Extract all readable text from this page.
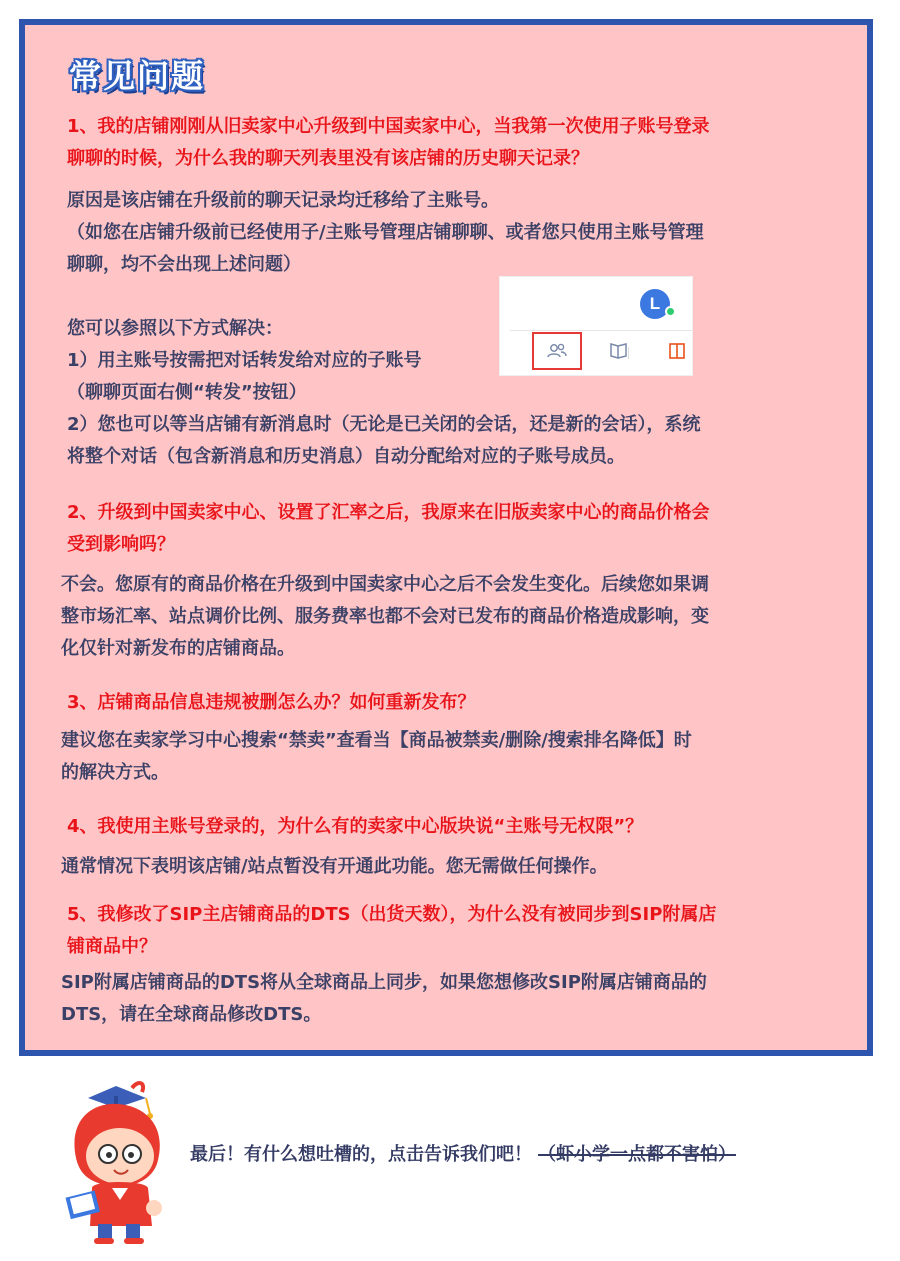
常见问题
1、我的店铺刚刚从旧卖家中心升级到中国卖家中心，当我第一次使用子账号登录
聊聊的时候，为什么我的聊天列表里没有该店铺的历史聊天记录？
原因是该店铺在升级前的聊天记录均迁移给了主账号。
（如您在店铺升级前已经使用子/主账号管理店铺聊聊、或者您只使用主账号管理
聊聊，均不会出现上述问题）
您可以参照以下方式解决：
1）用主账号按需把对话转发给对应的子账号
（聊聊页面右侧“转发”按钮）
2）您也可以等当店铺有新消息时（无论是已关闭的会话，还是新的会话），系统
将整个对话（包含新消息和历史消息）自动分配给对应的子账号成员。
2、升级到中国卖家中心、设置了汇率之后，我原来在旧版卖家中心的商品价格会
受到影响吗？
不会。您原有的商品价格在升级到中国卖家中心之后不会发生变化。后续您如果调
整市场汇率、站点调价比例、服务费率也都不会对已发布的商品价格造成影响，变
化仅针对新发布的店铺商品。
3、店铺商品信息违规被删怎么办？如何重新发布？
建议您在卖家学习中心搜索“禁卖”查看当【商品被禁卖/删除/搜索排名降低】时
的解决方式。
4、我使用主账号登录的，为什么有的卖家中心版块说“主账号无权限”？
通常情况下表明该店铺/站点暂没有开通此功能。您无需做任何操作。
5、我修改了SIP主店铺商品的DTS（出货天数），为什么没有被同步到SIP附属店
铺商品中？
SIP附属店铺商品的DTS将从全球商品上同步，如果您想修改SIP附属店铺商品的
DTS，请在全球商品修改DTS。
L
最后！有什么想吐槽的，点击告诉我们吧！ （虾小学一点都不害怕）
